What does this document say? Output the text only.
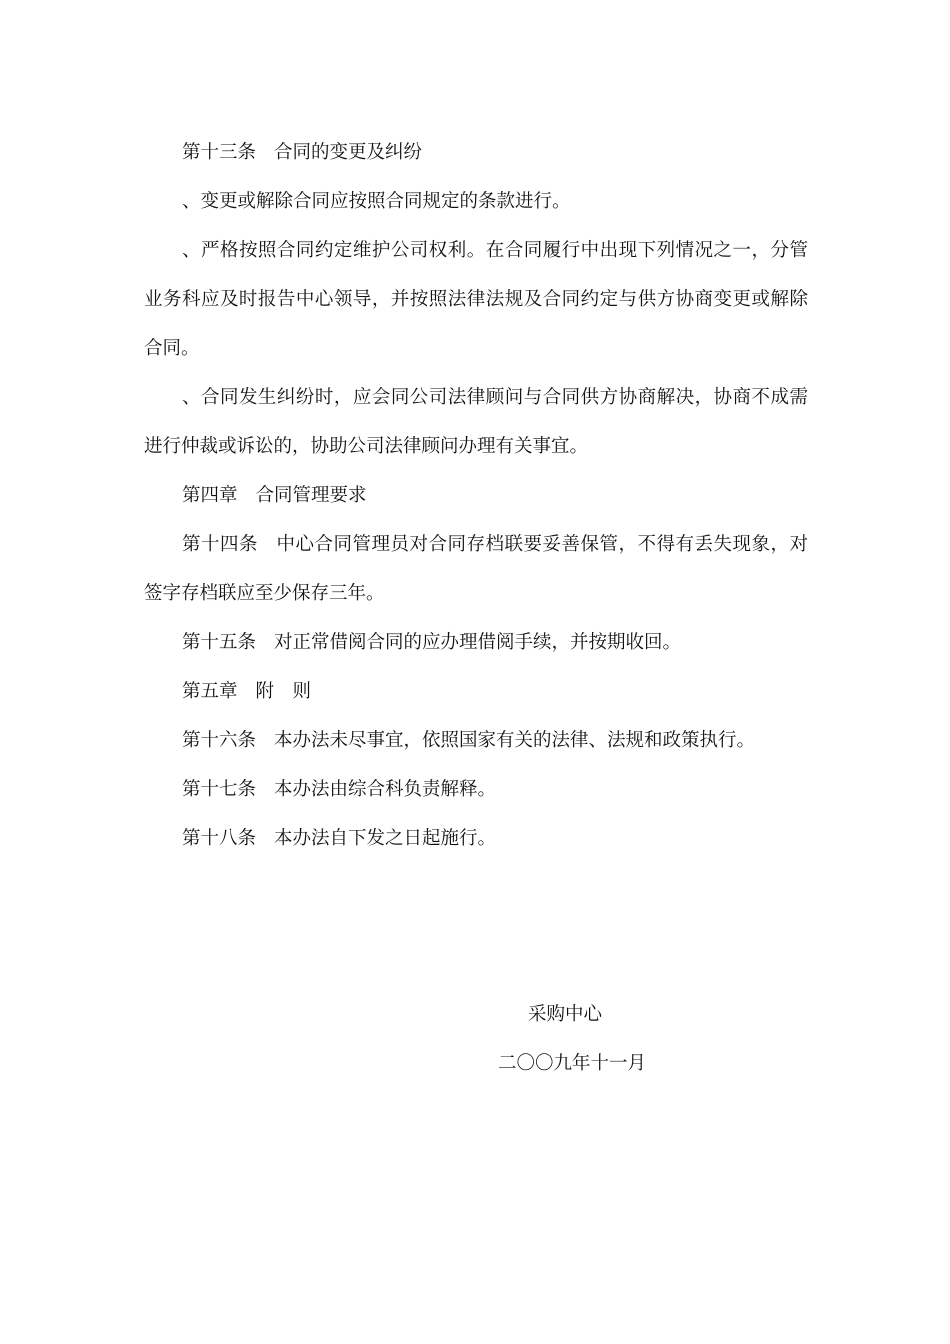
第十三条 合同的变更及纠纷

、变更或解除合同应按照合同规定的条款进行。

、严格按照合同约定维护公司权利。在合同履行中出现下列情况之一，分管业务科应及时报告中心领导，并按照法律法规及合同约定与供方协商变更或解除合同。

、合同发生纠纷时，应会同公司法律顾问与合同供方协商解决，协商不成需进行仲裁或诉讼的，协助公司法律顾问办理有关事宜。

第四章 合同管理要求

第十四条 中心合同管理员对合同存档联要妥善保管，不得有丢失现象，对签字存档联应至少保存三年。

第十五条 对正常借阅合同的应办理借阅手续，并按期收回。

第五章 附　则

第十六条 本办法未尽事宜，依照国家有关的法律、法规和政策执行。

第十七条 本办法由综合科负责解释。

第十八条 本办法自下发之日起施行。

采购中心
二〇〇九年十一月
